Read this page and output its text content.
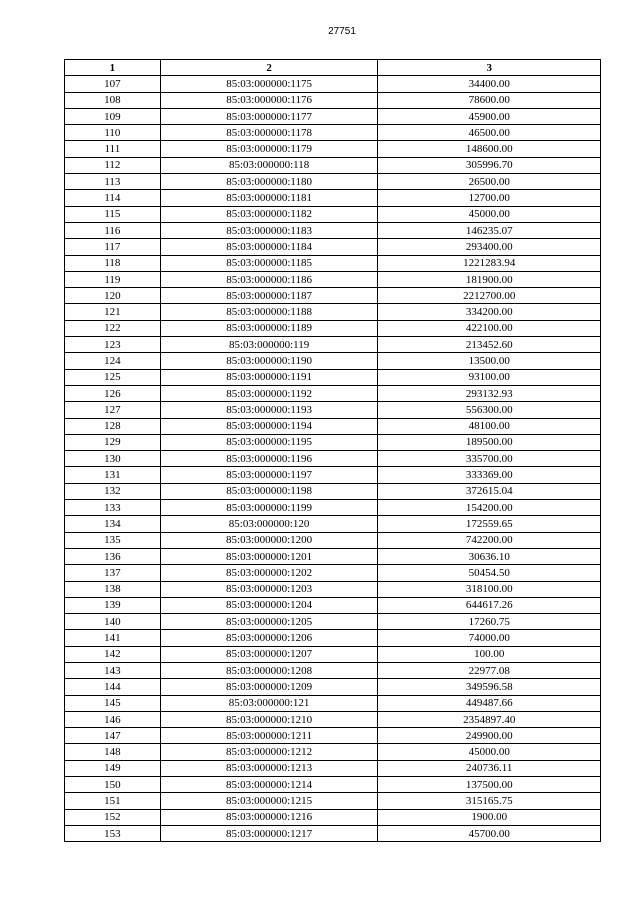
27751
1	2	3
107	85:03:000000:1175	34400.00
108	85:03:000000:1176	78600.00
109	85:03:000000:1177	45900.00
110	85:03:000000:1178	46500.00
111	85:03:000000:1179	148600.00
112	85:03:000000:118	305996.70
113	85:03:000000:1180	26500.00
114	85:03:000000:1181	12700.00
115	85:03:000000:1182	45000.00
116	85:03:000000:1183	146235.07
117	85:03:000000:1184	293400.00
118	85:03:000000:1185	1221283.94
119	85:03:000000:1186	181900.00
120	85:03:000000:1187	2212700.00
121	85:03:000000:1188	334200.00
122	85:03:000000:1189	422100.00
123	85:03:000000:119	213452.60
124	85:03:000000:1190	13500.00
125	85:03:000000:1191	93100.00
126	85:03:000000:1192	293132.93
127	85:03:000000:1193	556300.00
128	85:03:000000:1194	48100.00
129	85:03:000000:1195	189500.00
130	85:03:000000:1196	335700.00
131	85:03:000000:1197	333369.00
132	85:03:000000:1198	372615.04
133	85:03:000000:1199	154200.00
134	85:03:000000:120	172559.65
135	85:03:000000:1200	742200.00
136	85:03:000000:1201	30636.10
137	85:03:000000:1202	50454.50
138	85:03:000000:1203	318100.00
139	85:03:000000:1204	644617.26
140	85:03:000000:1205	17260.75
141	85:03:000000:1206	74000.00
142	85:03:000000:1207	100.00
143	85:03:000000:1208	22977.08
144	85:03:000000:1209	349596.58
145	85:03:000000:121	449487.66
146	85:03:000000:1210	2354897.40
147	85:03:000000:1211	249900.00
148	85:03:000000:1212	45000.00
149	85:03:000000:1213	240736.11
150	85:03:000000:1214	137500.00
151	85:03:000000:1215	315165.75
152	85:03:000000:1216	1900.00
153	85:03:000000:1217	45700.00
